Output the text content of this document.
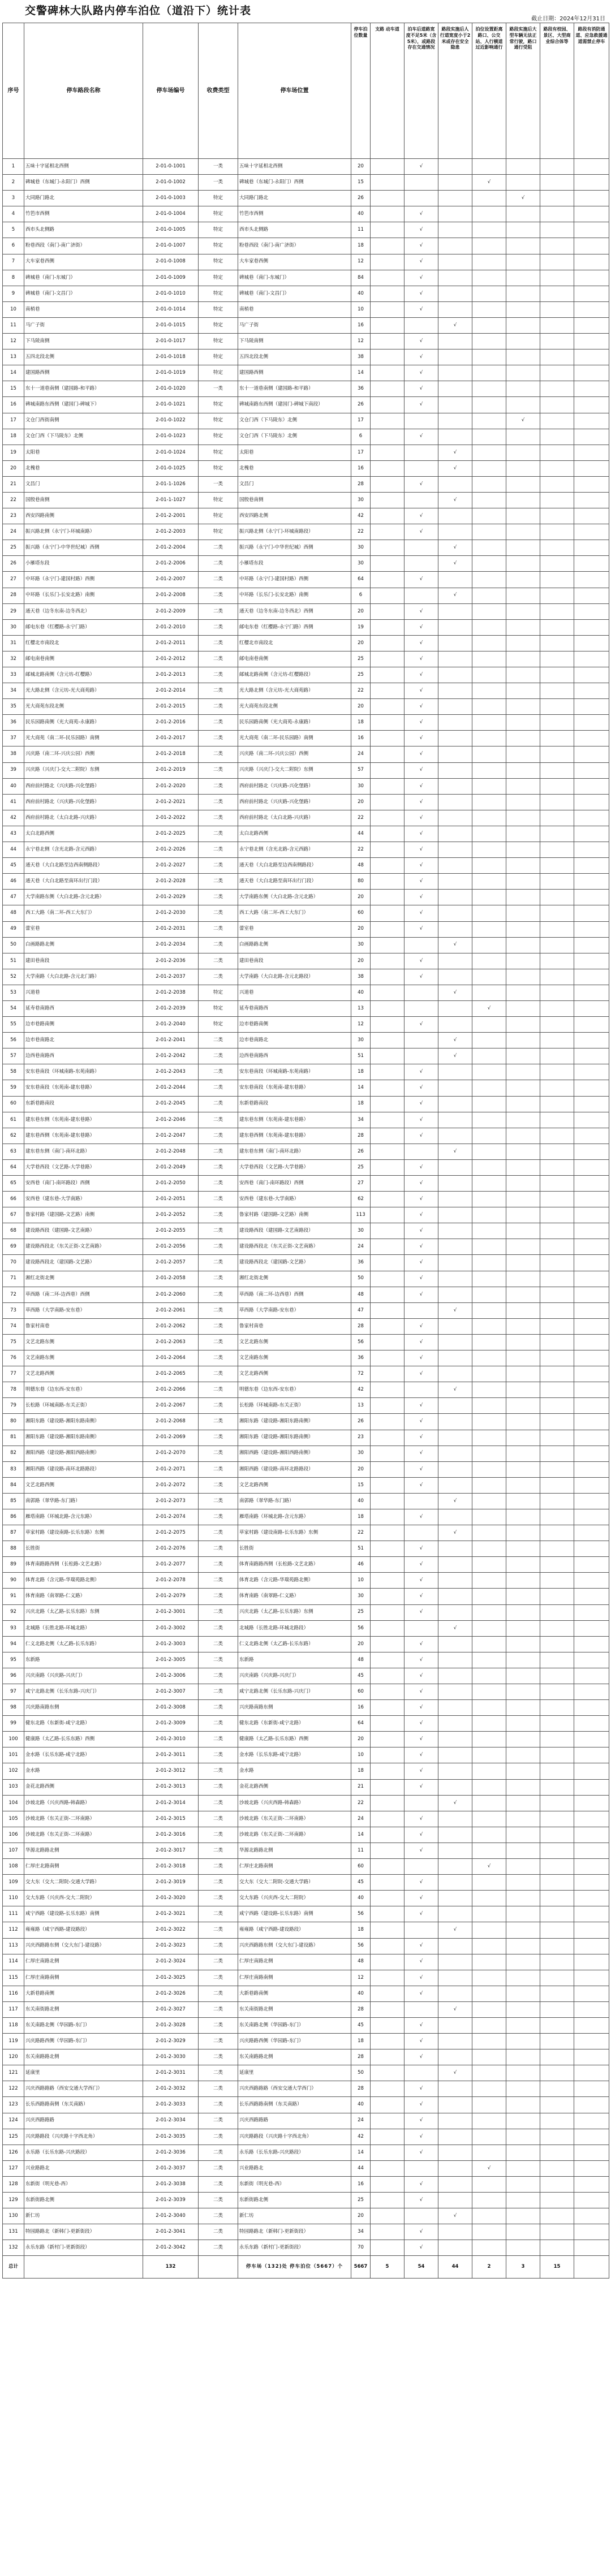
交警碑林大队路内停车泊位（道沿下）统计表
截止日期：2024年12月31日
序号	停车路段名称	停车场编号	收费类型	停车场位置	停车泊位数量	支路 动车道	泊车后道路宽度不足5米（含5米），或路段存在交通情况	路段实施后人行道宽度小于2米或存在安全隐患	泊位设置距离路口、公交站、人行横道过近影响通行	路段实施后大型车辆无法正常行驶，路口通行受阻	路段有校园、景区、大型商业综合体等	路段有消防通道、应急救援通道需禁止停车
1	五味十字延相北西侧	2-01-0-1001	一类	五味十字延相北西侧	20		√					
2	碑城巷（东城门-永阳门）西侧	2-01-0-1002	一类	碑城巷（东城门-永阳门）西侧	15				√			
3	大同路门路北	2-01-0-1003	特定	大同路门路北	26					√		
4	竹笆市西侧	2-01-0-1004	特定	竹笆市西侧	40		√					
5	西市头北侧路	2-01-0-1005	特定	西市头北侧路	11		√					
6	粉巷西段（南门-南广济街）	2-01-0-1007	特定	粉巷西段（南门-南广济街）	18		√					
7	大车家巷西侧	2-01-0-1008	特定	大车家巷西侧	12		√					
8	碑城巷（南门-东城门）	2-01-0-1009	特定	碑城巷（南门-东城门）	84		√					
9	碑城巷（南门-文昌门）	2-01-0-1010	特定	碑城巷（南门-文昌门）	40		√					
10	南梢巷	2-01-0-1014	特定	南梢巷	10		√					
11	马广子街	2-01-0-1015	特定	马广子街	16			√				
12	下马陵南侧	2-01-0-1017	特定	下马陵南侧	12		√					
13	五四北段北侧	2-01-0-1018	特定	五四北段北侧	38		√					
14	建国路西侧	2-01-0-1019	特定	建国路西侧	14		√					
15	东十一道巷南侧（建国路-和平路）	2-01-0-1020	一类	东十一道巷南侧（建国路-和平路）	36		√					
16	碑城南路东西侧（建国门-碑城下）	2-01-0-1021	特定	碑城南路东西侧（建国门-碑城下南段）	26		√					
17	文仓门西街南侧	2-01-0-1022	特定	文仓门西（下马陵东）北侧	17					√		
18	文仓门西（下马陵东）北侧	2-01-0-1023	特定	文仓门西（下马陵东）北侧	6		√					
19	太阳巷	2-01-0-1024	特定	太阳巷	17			√				
20	北槐巷	2-01-0-1025	特定	北槐巷	16			√				
21	文昌门	2-01-1-1026	一类	文昌门	28		√					
22	国殷巷南侧	2-01-1-1027	特定	国殷巷南侧	30			√				
23	西安四路南侧	2-01-2-2001	特定	西安四路北侧	42		√					
24	振兴路北侧（永宁门-环城南路）	2-01-2-2003	特定	振兴路北侧（永宁门-环城南路段）	22		√					
25	振兴路（永宁门-中华世纪城）西侧	2-01-2-2004	二类	振兴路（永宁门-中华世纪城）西侧	30			√				
26	小雁塔东段	2-01-2-2006	二类	小雁塔东段	30			√				
27	中环路（永宁门-建国村路）西侧	2-01-2-2007	二类	中环路（永宁门-建国村路）西侧	64		√					
28	中环路（长乐门-长安北路）南侧	2-01-2-2008	二类	中环路（长乐门-长安北路）南侧	6			√				
29	通天巷（边冬东南-边冬西北）	2-01-2-2009	二类	通天巷（边冬东南-边冬西北）西侧	20		√					
30	邮电东巷（红樱路-永宁门路）	2-01-2-2010	二类	邮电东巷（红樱路-永宁门路）西侧	19		√					
31	红樱北市南段北	2-01-2-2011	二类	红樱北市南段北	20		√					
32	邮电南巷南侧	2-01-2-2012	二类	邮电南巷南侧	25		√					
33	邮城北路南侧（含元坊-红樱路）	2-01-2-2013	二类	邮城北路南侧（含元坊-红樱路段）	25		√					
34	光大路北侧（含元坊-光大商苑路）	2-01-2-2014	二类	光大路北侧（含元坊-光大商苑路）	22		√					
35	光大商苑东段北侧	2-01-2-2015	二类	光大商苑东段北侧	20		√					
36	民乐园路南侧（光大商苑-永康路）	2-01-2-2016	二类	民乐园路南侧（光大商苑-永康路）	18		√					
37	光大商苑（南二环-民乐园路）南侧	2-01-2-2017	二类	光大商苑（南二环-民乐园路）南侧	16		√					
38	兴庆路（南二环-兴庆公园）西侧	2-01-2-2018	二类	兴庆路（南二环-兴庆公园）西侧	24		√					
39	兴庆路（兴庆门-交大二附院）东侧	2-01-2-2019	二类	兴庆路（兴庆门-交大二附院）东侧	57		√					
40	西府前村路北（兴庆路-兴化堡路）	2-01-2-2020	二类	西府前村路北（兴庆路-兴化堡路）	30		√					
41	西府前村路北（兴庆路-兴化堡路）	2-01-2-2021	二类	西府前村路北（兴庆路-兴化堡路）	20		√					
42	西府前村路北（太白北路-兴庆路）	2-01-2-2022	二类	西府前村路北（太白北路-兴庆路）	22		√					
43	太白北路西侧	2-01-2-2025	二类	太白北路西侧	44		√					
44	永宁巷北侧（含光北路-含元西路）	2-01-2-2026	二类	永宁巷北侧（含光北路-含元西路）	22		√					
45	通天巷（大白北路至边西南侧路段）	2-01-2-2027	二类	通天巷（大白北路至边西南侧路段）	48		√					
46	通天巷（大白北路至南环出行门段）	2-01-2-2028	二类	通天巷（大白北路至南环出行门段）	80		√					
47	大学南路东侧（大白北路-含元北路）	2-01-2-2029	二类	大学南路东侧（大白北路-含元北路）	20		√					
48	西工大路（南二环-西工大东门）	2-01-2-2030	二类	西工大路（南二环-西工大东门）	60		√					
49	蕾室巷	2-01-2-2031	二类	蕾室巷	20		√					
50	白画路路北侧	2-01-2-2034	二类	白画路路北侧	30			√				
51	建田巷南段	2-01-2-2036	二类	建田巷南段	20		√					
52	大学南路（大白北路-含元北门路）	2-01-2-2037	二类	大学南路（大白北路-含元北路段）	38		√					
53	兴道巷	2-01-2-2038	特定	兴道巷	40			√				
54	延寿巷南路西	2-01-2-2039	特定	延寿巷南路西	13				√			
55	边市巷路南侧	2-01-2-2040	特定	边市巷路南侧	12		√					
56	边市巷南路北	2-01-2-2041	二类	边市巷南路北	30			√				
57	边西巷南路西	2-01-2-2042	二类	边西巷南路西	51			√				
58	安东巷南段（环城南路-东苑南路）	2-01-2-2043	二类	安东巷南段（环城南路-东苑南路）	18		√					
59	安东巷南段（东苑南-建东巷路）	2-01-2-2044	二类	安东巷南段（东苑南-建东巷路）	14		√					
60	东新巷路南段	2-01-2-2045	二类	东新巷路南段	18		√					
61	建东巷东侧（东苑南-建东巷路）	2-01-2-2046	二类	建东巷东侧（东苑南-建东巷路）	34		√					
62	建东巷西侧（东苑南-建东巷路）	2-01-2-2047	二类	建东巷西侧（东苑南-建东巷路）	28		√					
63	建东巷东侧（南门-南环北路）	2-01-2-2048	二类	建东巷东侧（南门-南环北路）	26			√				
64	大学巷西段（文艺路-大学巷路）	2-01-2-2049	二类	大学巷西段（文艺路-大学巷路）	25		√					
65	安西巷（南门-南环路段）西侧	2-01-2-2050	二类	安西巷（南门-南环路段）西侧	27		√					
66	安西巷（建东巷-大学南路）	2-01-2-2051	二类	安西巷（建东巷-大学南路）	62		√					
67	鲁家村路（建国路-文艺路）南侧	2-01-2-2052	二类	鲁家村路（建国路-文艺路）南侧	113		√					
68	建设路西段（建国路-文艺南路）	2-01-2-2055	二类	建设路西段（建国路-文艺南路段）	30		√					
69	建设路西段北（东关正街-文艺南路）	2-01-2-2056	二类	建设路西段北（东关正街-文艺南路）	24		√					
70	建设路西段北（建国路-文艺路）	2-01-2-2057	二类	建设路西段北（建国路-文艺路）	36		√					
71	湘红北街北侧	2-01-2-2058	二类	湘红北街北侧	50		√					
72	草西路（南二环-边西巷）西侧	2-01-2-2060	二类	草西路（南二环-边西巷）西侧	48		√					
73	草西路（大学南路-安东巷）	2-01-2-2061	二类	草西路（大学南路-安东巷）	47			√				
74	鲁家村南巷	2-01-2-2062	二类	鲁家村南巷	28		√					
75	文艺北路东侧	2-01-2-2063	二类	文艺北路东侧	56		√					
76	文艺南路东侧	2-01-2-2064	二类	文艺南路东侧	36		√					
77	文艺北路西侧	2-01-2-2065	二类	文艺北路西侧	72		√					
78	明德东巷（边东西-安东巷）	2-01-2-2066	二类	明德东巷（边东西-安东巷）	42			√				
79	长松路（环城南路-东关正街）	2-01-2-2067	二类	长松路（环城南路-东关正街）	13		√					
80	湘阳东路（建设路-湘阳东路南侧）	2-01-2-2068	二类	湘阳东路（建设路-湘阳东路南侧）	26		√					
81	湘阳东路（建设路-湘阳东路南侧）	2-01-2-2069	二类	湘阳东路（建设路-湘阳东路南侧）	23		√					
82	湘阳西路（建设路-湘阳西路南侧）	2-01-2-2070	二类	湘阳西路（建设路-湘阳西路南侧）	30		√					
83	湘阳西路（建设路-南环北路路段）	2-01-2-2071	二类	湘阳西路（建设路-南环北路路段）	20		√					
84	文艺北路西侧	2-01-2-2072	二类	文艺北路西侧	15		√					
85	南郭路（翠华路-东门路）	2-01-2-2073	二类	南郭路（翠华路-东门路）	40			√				
86	雁塔南路（环城北路-含元东路）	2-01-2-2074	二类	雁塔南路（环城北路-含元东路）	18		√					
87	草家村路（建设南路-长乐东路）东侧	2-01-2-2075	二类	草家村路（建设南路-长乐东路）东侧	22			√				
88	长胜街	2-01-2-2076	二类	长胜街	51		√					
89	体育南路路西侧（长松路-文艺北路）	2-01-2-2077	二类	体育南路路西侧（长松路-文艺北路）	46		√					
90	体育北路（含元路-华瑞苑路北侧）	2-01-2-2078	二类	体育北路（含元路-华瑞苑路北侧）	10		√					
91	体育南路（南翠路-仁义路）	2-01-2-2079	二类	体育南路（南翠路-仁义路）	30		√					
92	兴庆北路（太乙路-长乐东路）东侧	2-01-2-3001	二类	兴庆北路（太乙路-长乐东路）东侧	25		√					
93	北城路（长胜北路-环城北路）	2-01-2-3002	二类	北城路（长胜北路-环城北路段）	56			√				
94	仁义北路北侧（太乙路-长乐东路）	2-01-2-3003	二类	仁义北路北侧（太乙路-长乐东路）	20		√					
95	东新路	2-01-2-3005	二类	东新路	48		√					
96	兴庆南路（兴庆路-兴庆门）	2-01-2-3006	二类	兴庆南路（兴庆路-兴庆门）	45		√					
97	咸宁北路北侧（长乐东路-兴庆门）	2-01-2-3007	二类	咸宁北路北侧（长乐东路-兴庆门）	60		√					
98	兴庆路南路东侧	2-01-2-3008	二类	兴庆路南路东侧	16		√					
99	健东北路（东新街-咸宁北路）	2-01-2-3009	二类	健东北路（东新街-咸宁北路）	64		√					
100	健康路（太乙路-长乐东路）西侧	2-01-2-3010	二类	健康路（太乙路-长乐东路）西侧	20		√					
101	金水路（长乐东路-咸宁北路）	2-01-2-3011	二类	金水路（长乐东路-咸宁北路）	10		√					
102	金水路	2-01-2-3012	二类	金水路	18		√					
103	金花北路西侧	2-01-2-3013	二类	金花北路西侧	21		√					
104	沙坡北路（兴庆西路-韩森路）	2-01-2-3014	二类	沙坡北路（兴庆西路-韩森路）	22			√				
105	沙坡北路（东关正街-二环南路）	2-01-2-3015	二类	沙坡北路（东关正街-二环南路）	24		√					
106	沙坡北路（东关正街-二环南路）	2-01-2-3016	二类	沙坡北路（东关正街-二环南路）	14		√					
107	华源北路路北侧	2-01-2-3017	二类	华源北路路北侧	11		√					
108	仁厚庄北路南侧	2-01-2-3018	二类	仁厚庄北路南侧	60				√			
109	交大东（交大二附院-交通大学路）	2-01-2-3019	二类	交大东（交大二附院-交通大学路）	45		√					
110	交大东路（兴庆西-交大二附院）	2-01-2-3020	二类	交大东路（兴庆西-交大二附院）	40		√					
111	咸宁西路（建设路-长乐东路）南侧	2-01-2-3021	二类	咸宁西路（建设路-长乐东路）南侧	56		√					
112	雍雍路（咸宁西路-建设路段）	2-01-2-3022	二类	雍雍路（咸宁西路-建设路段）	18			√				
113	兴庆西路路东侧（交大东门-建设路）	2-01-2-3023	二类	兴庆西路路东侧（交大东门-建设路）	56		√					
114	仁厚庄南路北侧	2-01-2-3024	二类	仁厚庄南路北侧	48		√					
115	仁厚庄南路南侧	2-01-2-3025	二类	仁厚庄南路南侧	12		√					
116	大新巷路南侧	2-01-2-3026	二类	大新巷路南侧	40		√					
117	东关南街路北侧	2-01-2-3027	二类	东关南街路北侧	28			√				
118	东关南路北侧（华园路-东门）	2-01-2-3028	二类	东关南路北侧（华园路-东门）	45		√					
119	兴庆路路西侧（华园路-东门）	2-01-2-3029	二类	兴庆路路西侧（华园路-东门）	18		√					
120	东关南路路北侧	2-01-2-3030	二类	东关南路路北侧	28		√					
121	延康里	2-01-2-3031	二类	延康里	50			√				
122	兴庆西路路路（西安交通大学西门）	2-01-2-3032	二类	兴庆西路路路（西安交通大学西门）	28		√					
123	长乐西路路南侧（东关南路）	2-01-2-3033	二类	长乐西路路南侧（东关南路）	40		√					
124	兴庆西路路路	2-01-2-3034	二类	兴庆西路路路	24		√					
125	兴庆路路段（兴庆路十字西北角）	2-01-2-3035	二类	兴庆路路段（兴庆路十字西北角）	42		√					
126	永乐路（长乐东路-兴庆路段）	2-01-2-3036	二类	永乐路（长乐东路-兴庆路段）	14		√					
127	兴业路路北	2-01-2-3037	二类	兴业路路北	44				√			
128	东新街（明光巷-西）	2-01-2-3038	二类	东新街（明光巷-西）	16		√					
129	东新街路北侧	2-01-2-3039	二类	东新街路北侧	25		√					
130	新仁坊	2-01-2-3040	二类	新仁坊	20			√				
131	特园路路北（新韩门-更新街段）	2-01-2-3041	二类	特园路路北（新韩门-更新街段）	34		√					
132	永乐东路（新村门-更新街段）	2-01-2-3042	二类	永乐东路（新村门-更新街段）	70		√					
总计		132		停车场（132)处 停车泊位（5667）个	5667	5	54	44	2	3	15	
